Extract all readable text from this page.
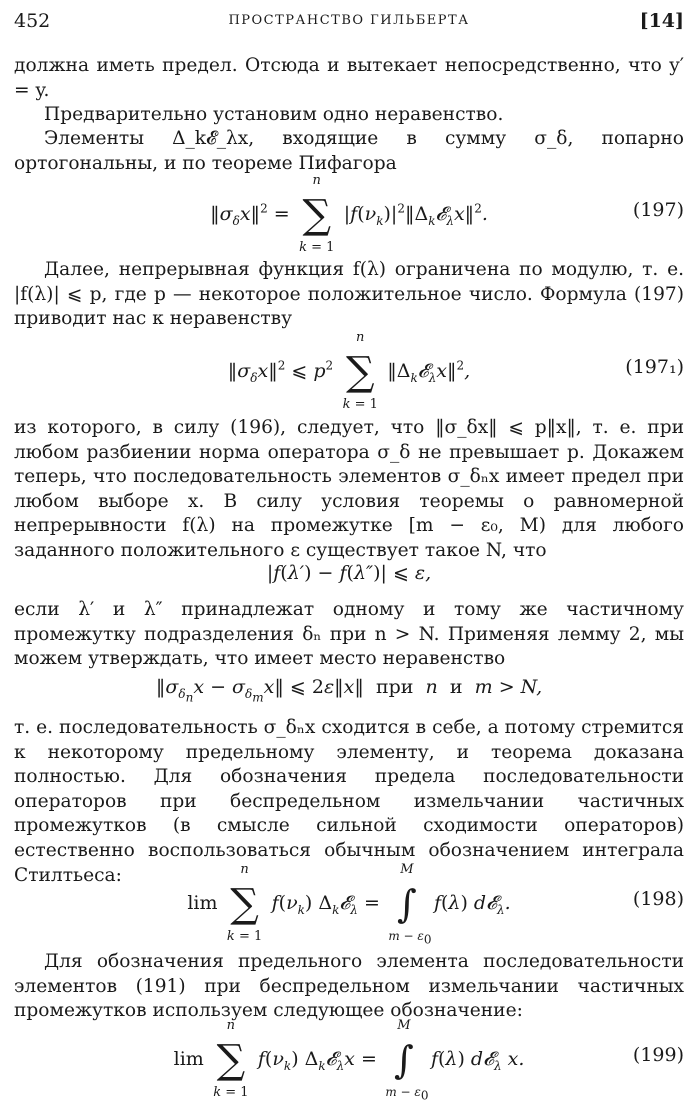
452	ПРОСТРАНСТВО ГИЛЬБЕРТА	[14]

должна иметь предел. Отсюда и вытекает непосредственно, что y′ = y.

Предварительно установим одно неравенство.

Элементы Δ_k𝓔_λx, входящие в сумму σ_δ, попарно ортогональны, и по теореме Пифагора

$‖\sigma_\delta x‖^2$ =
n
∑
k = 1
$|f(\nu_k)|^2‖\Delta_k𝓔_\lambda x‖^2$.	(197)

Далее, непрерывная функция f(λ) ограничена по модулю, т. е. |f(λ)| ⩽ p, где p — некоторое положительное число. Формула (197) приводит нас к неравенству

$‖\sigma_\delta x‖^2$ ⩽ $p^2$
n
∑
k = 1
$‖\Delta_k𝓔_\lambda x‖^2$,	(197₁)

из которого, в силу (196), следует, что ‖σ_δx‖ ⩽ p‖x‖, т. е. при любом разбиении норма оператора σ_δ не превышает p. Докажем теперь, что последовательность элементов σ_δₙx имеет предел при любом выборе x. В силу условия теоремы о равномерной непрерывности f(λ) на промежутке [m − ε₀, M) для любого заданного положительного ε существует такое N, что

|f(λ′) − f(λ″)| ⩽ ε,

если λ′ и λ″ принадлежат одному и тому же частичному промежутку подразделения δₙ при n > N. Применяя лемму 2, мы можем утверждать, что имеет место неравенство

$‖\sigma_{\delta_n}x$ − $\sigma_{\delta_m}x‖$ ⩽ 2ε‖x‖  при  n  и  m > N,

т. е. последовательность σ_δₙx сходится в себе, а потому стремится к некоторому предельному элементу, и теорема доказана полностью. Для обозначения предела последовательности операторов при беспредельном измельчании частичных промежутков (в смысле сильной сходимости операторов) естественно воспользоваться обычным обозначением интеграла Стилтьеса:

lim
n
∑
k = 1
$f(\nu_k)$ $\Delta_k𝓔_\lambda$ =
M
∫
$m - \varepsilon_0$
f(λ) d𝓔$_\lambda$.	(198)

Для обозначения предельного элемента последовательности элементов (191) при беспредельном измельчании частичных промежутков используем следующее обозначение:

lim
n
∑
k = 1
$f(\nu_k)$ $\Delta_k𝓔_\lambda x$ =
M
∫
$m - \varepsilon_0$
f(λ) d𝓔$_\lambda$ x.	(199)
